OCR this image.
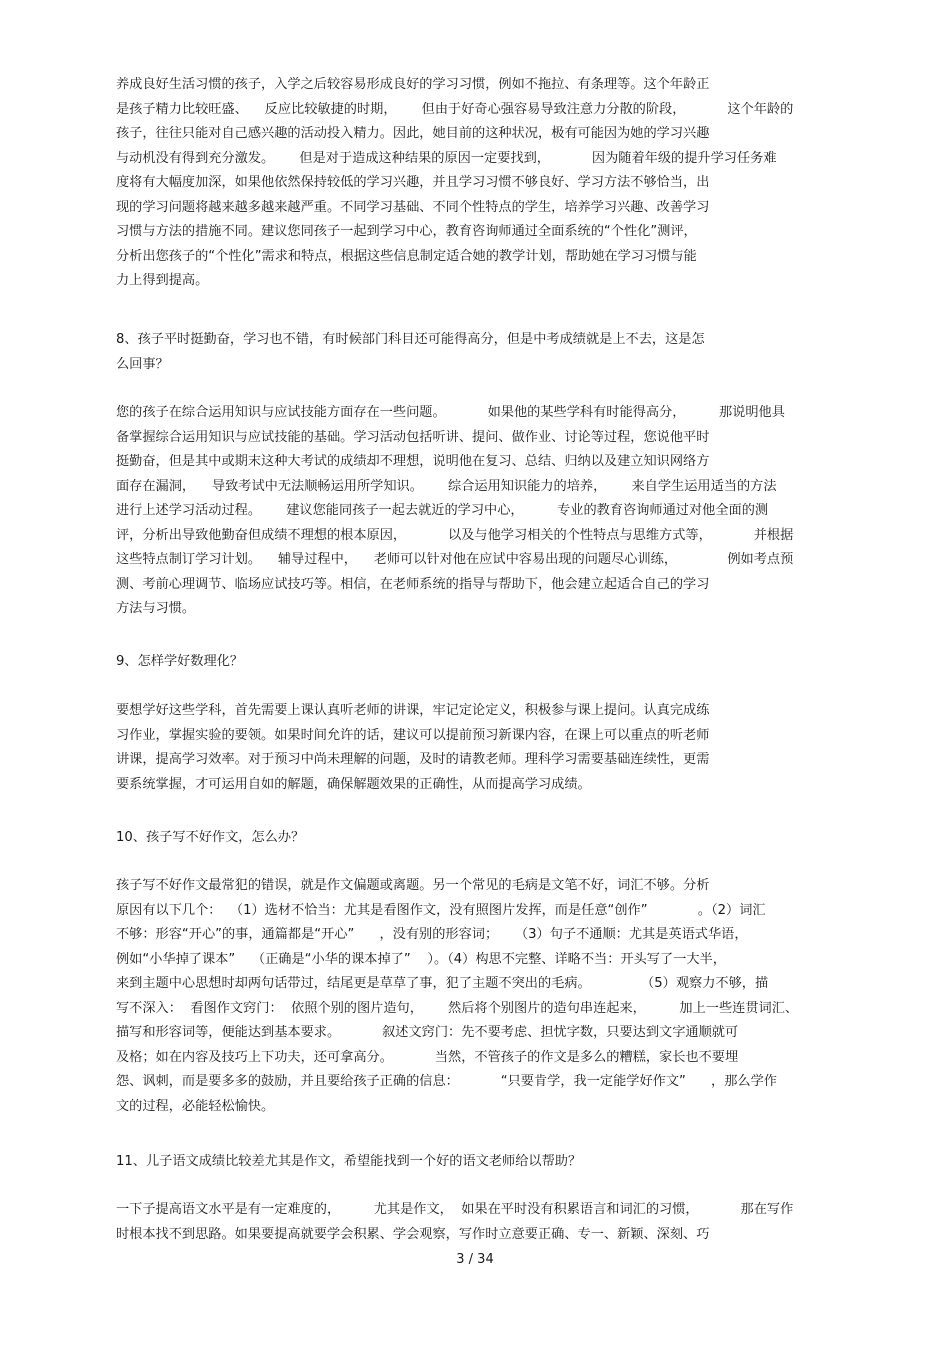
养成良好生活习惯的孩子，入学之后较容易形成良好的学习习惯，例如不拖拉、有条理等。这个年龄正
是孩子精力比较旺盛、    反应比较敏捷的时期，      但由于好奇心强容易导致注意力分散的阶段，          这个年龄的
孩子，往往只能对自己感兴趣的活动投入精力。因此，她目前的这种状况，极有可能因为她的学习兴趣
与动机没有得到充分激发。      但是对于造成这种结果的原因一定要找到，          因为随着年级的提升学习任务难
度将有大幅度加深，如果他依然保持较低的学习兴趣，并且学习习惯不够良好、学习方法不够恰当，出
现的学习问题将越来越多越来越严重。不同学习基础、不同个性特点的学生，培养学习兴趣、改善学习
习惯与方法的措施不同。建议您同孩子一起到学习中心，教育咨询师通过全面系统的“个性化”测评，
分析出您孩子的“个性化”需求和特点，根据这些信息制定适合她的教学计划，帮助她在学习习惯与能
力上得到提高。
8、孩子平时挺勤奋，学习也不错，有时候部门科目还可能得高分，但是中考成绩就是上不去，这是怎
么回事？
您的孩子在综合运用知识与应试技能方面存在一些问题。          如果他的某些学科有时能得高分，        那说明他具
备掌握综合运用知识与应试技能的基础。学习活动包括听讲、提问、做作业、讨论等过程，您说他平时
挺勤奋，但是其中或期末这种大考试的成绩却不理想，说明他在复习、总结、归纳以及建立知识网络方
面存在漏洞，    导致考试中无法顺畅运用所学知识。      综合运用知识能力的培养，      来自学生运用适当的方法
进行上述学习活动过程。      建议您能同孩子一起去就近的学习中心，        专业的教育咨询师通过对他全面的测
评，分析出导致他勤奋但成绩不理想的根本原因，          以及与他学习相关的个性特点与思维方式等，          并根据
这些特点制订学习计划。    辅导过程中，    老师可以针对他在应试中容易出现的问题尽心训练，            例如考点预
测、考前心理调节、临场应试技巧等。相信，在老师系统的指导与帮助下，他会建立起适合自己的学习
方法与习惯。
9、怎样学好数理化？
要想学好这些学科，首先需要上课认真听老师的讲课，牢记定论定义，积极参与课上提问。认真完成练
习作业，掌握实验的要领。如果时间允许的话，建议可以提前预习新课内容，在课上可以重点的听老师
讲课，提高学习效率。对于预习中尚未理解的问题，及时的请教老师。理科学习需要基础连续性，更需
要系统掌握，才可运用自如的解题，确保解题效果的正确性，从而提高学习成绩。
10、孩子写不好作文，怎么办？
孩子写不好作文最常犯的错误，就是作文偏题或离题。另一个常见的毛病是文笔不好，词汇不够。分析
原因有以下几个：  （1）选材不恰当：尤其是看图作文，没有照图片发挥，而是任意“创作”            。（2）词汇
不够：形容“开心”的事，通篇都是“开心”      ，没有别的形容词；    （3）句子不通顺：尤其是英语式华语，
例如“小华掉了课本”    （正确是“小华的课本掉了”    ）。（4）构思不完整、详略不当：开头写了一大半，
来到主题中心思想时却两句话带过，结尾更是草草了事，犯了主题不突出的毛病。            （5）观察力不够，描
写不深入：  看图作文窍门：  依照个别的图片造句，      然后将个别图片的造句串连起来，        加上一些连贯词汇、
描写和形容词等，便能达到基本要求。          叙述文窍门：先不要考虑、担忧字数，只要达到文字通顺就可
及格；如在内容及技巧上下功夫，还可拿高分。          当然，不管孩子的作文是多么的糟糕，家长也不要埋
怨、讽刺，而是要多多的鼓励，并且要给孩子正确的信息：          “只要肯学，我一定能学好作文”      ，那么学作
文的过程，必能轻松愉快。
11、儿子语文成绩比较差尤其是作文，希望能找到一个好的语文老师给以帮助？
一下子提高语文水平是有一定难度的，        尤其是作文，  如果在平时没有积累语言和词汇的习惯，          那在写作
时根本找不到思路。如果要提高就要学会积累、学会观察，写作时立意要正确、专一、新颖、深刻、巧
3 / 34
